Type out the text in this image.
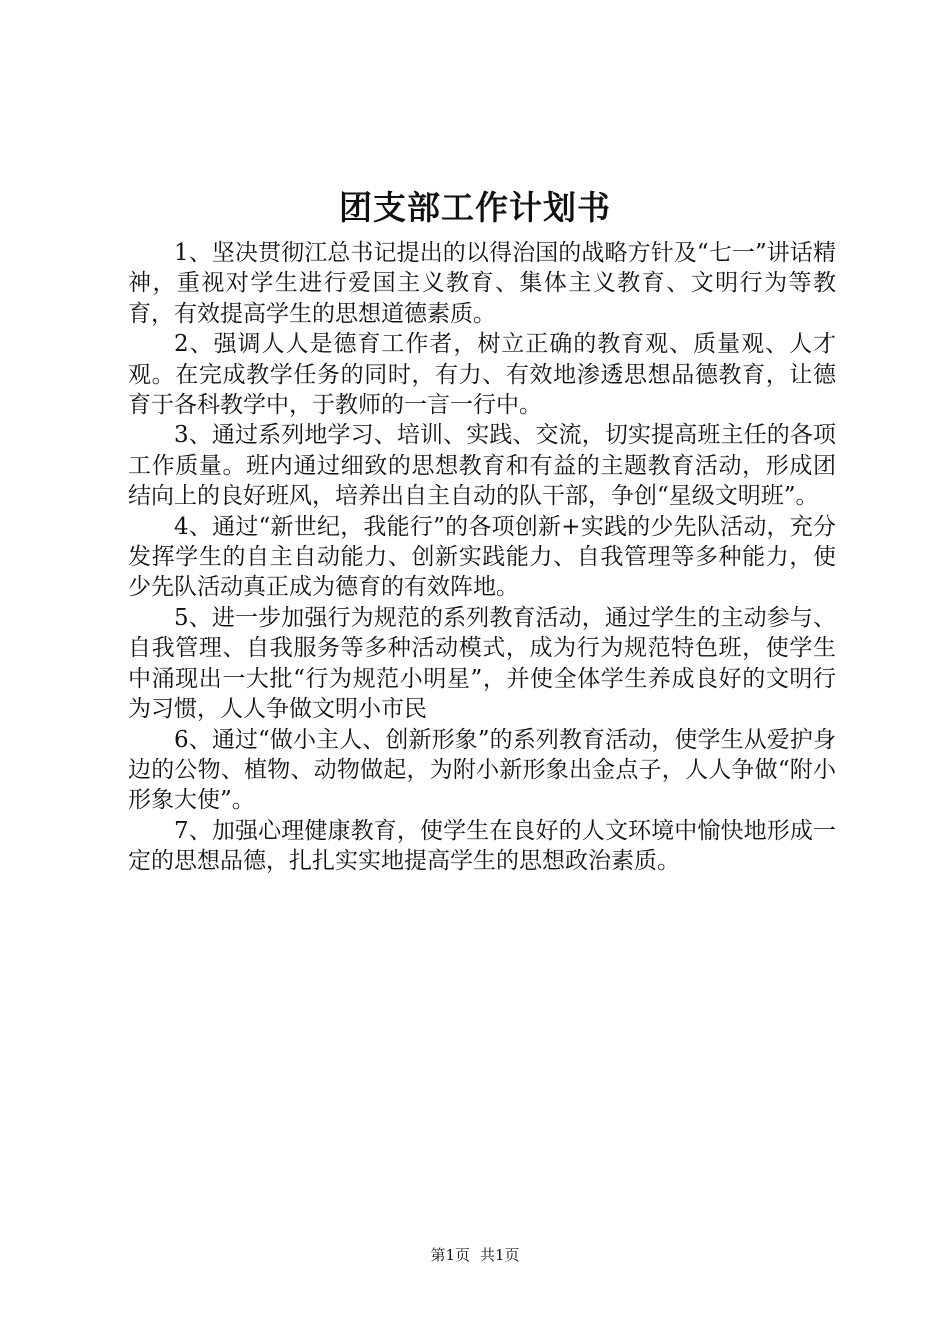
团支部工作计划书

1、坚决贯彻江总书记提出的以得治国的战略方针及“七一”讲话精神，重视对学生进行爱国主义教育、集体主义教育、文明行为等教育，有效提高学生的思想道德素质。

2、强调人人是德育工作者，树立正确的教育观、质量观、人才观。在完成教学任务的同时，有力、有效地渗透思想品德教育，让德育于各科教学中，于教师的一言一行中。

3、通过系列地学习、培训、实践、交流，切实提高班主任的各项工作质量。班内通过细致的思想教育和有益的主题教育活动，形成团结向上的良好班风，培养出自主自动的队干部，争创“星级文明班”。

4、通过“新世纪，我能行”的各项创新+实践的少先队活动，充分发挥学生的自主自动能力、创新实践能力、自我管理等多种能力，使少先队活动真正成为德育的有效阵地。

5、进一步加强行为规范的系列教育活动，通过学生的主动参与、自我管理、自我服务等多种活动模式，成为行为规范特色班，使学生中涌现出一大批“行为规范小明星”，并使全体学生养成良好的文明行为习惯，人人争做文明小市民

6、通过“做小主人、创新形象”的系列教育活动，使学生从爱护身边的公物、植物、动物做起，为附小新形象出金点子，人人争做“附小形象大使”。

7、加强心理健康教育，使学生在良好的人文环境中愉快地形成一定的思想品德，扎扎实实地提高学生的思想政治素质。

第1页 共1页
